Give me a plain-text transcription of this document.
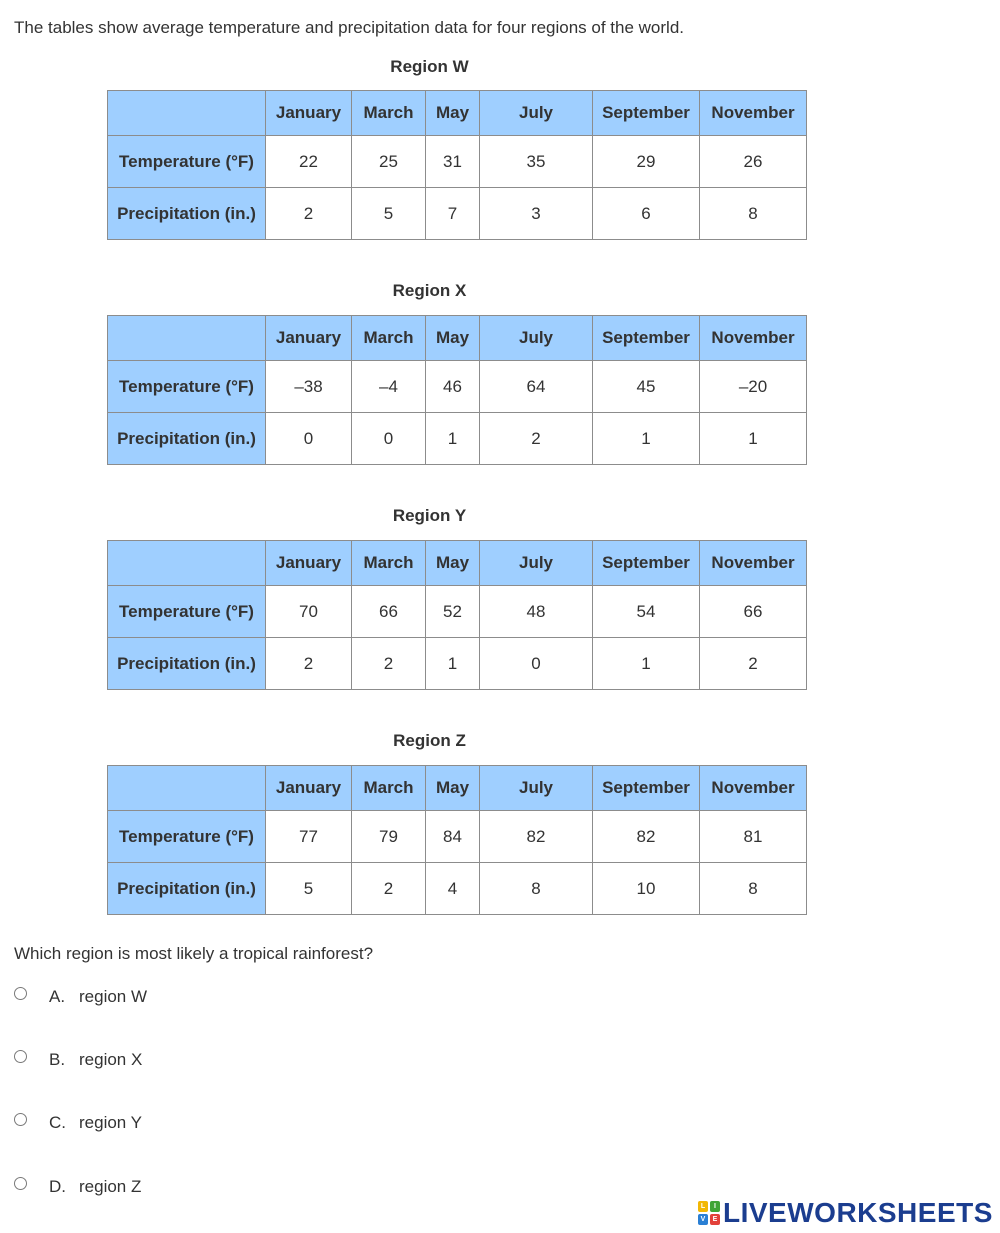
The tables show average temperature and precipitation data for four regions of the world.
Region W
	January	March	May	July	September	November
Temperature (°F)	22	25	31	35	29	26
Precipitation (in.)	2	5	7	3	6	8
Region X
	January	March	May	July	September	November
Temperature (°F)	–38	–4	46	64	45	–20
Precipitation (in.)	0	0	1	2	1	1
Region Y
	January	March	May	July	September	November
Temperature (°F)	70	66	52	48	54	66
Precipitation (in.)	2	2	1	0	1	2
Region Z
	January	March	May	July	September	November
Temperature (°F)	77	79	84	82	82	81
Precipitation (in.)	5	2	4	8	10	8
Which region is most likely a tropical rainforest?
A. region W
B. region X
C. region Y
D. region Z
L	I
V	E LIVEWORKSHEETS
